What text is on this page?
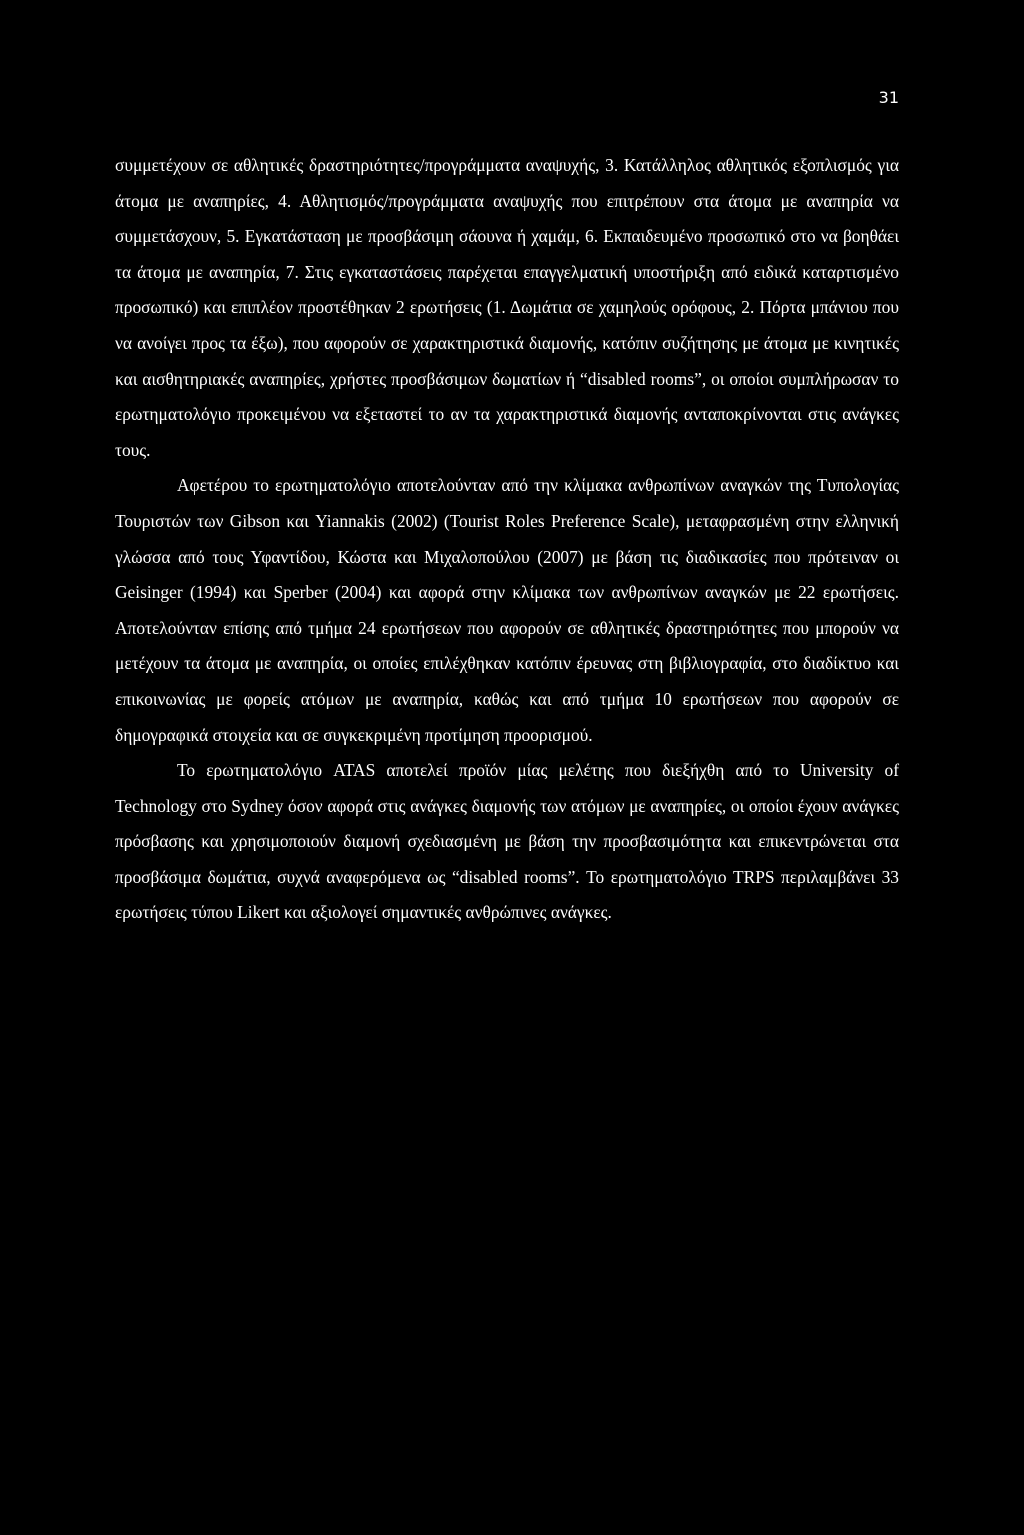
31

συμμετέχουν σε αθλητικές δραστηριότητες/προγράμματα αναψυχής, 3. Κατάλληλος αθλητικός εξοπλισμός για άτομα με αναπηρίες, 4. Αθλητισμός/προγράμματα αναψυχής που επιτρέπουν στα άτομα με αναπηρία να συμμετάσχουν, 5. Εγκατάσταση με προσβάσιμη σάουνα ή χαμάμ, 6. Εκπαιδευμένο προσωπικό στο να βοηθάει τα άτομα με αναπηρία, 7. Στις εγκαταστάσεις παρέχεται επαγγελματική υποστήριξη από ειδικά καταρτισμένο προσωπικό) και επιπλέον προστέθηκαν 2 ερωτήσεις (1. Δωμάτια σε χαμηλούς ορόφους, 2. Πόρτα μπάνιου που να ανοίγει προς τα έξω), που αφορούν σε χαρακτηριστικά διαμονής, κατόπιν συζήτησης με άτομα με κινητικές και αισθητηριακές αναπηρίες, χρήστες προσβάσιμων δωματίων ή “disabled rooms”, οι οποίοι συμπλήρωσαν το ερωτηματολόγιο προκειμένου να εξεταστεί το αν τα χαρακτηριστικά διαμονής ανταποκρίνονται στις ανάγκες τους.

Αφετέρου το ερωτηματολόγιο αποτελούνταν από την κλίμακα ανθρωπίνων αναγκών της Τυπολογίας Τουριστών των Gibson και Yiannakis (2002) (Tourist Roles Preference Scale), μεταφρασμένη στην ελληνική γλώσσα από τους Υφαντίδου, Κώστα και Μιχαλοπούλου (2007) με βάση τις διαδικασίες που πρότειναν οι Geisinger (1994) και Sperber (2004) και αφορά στην κλίμακα των ανθρωπίνων αναγκών με 22 ερωτήσεις. Αποτελούνταν επίσης από τμήμα 24 ερωτήσεων που αφορούν σε αθλητικές δραστηριότητες που μπορούν να μετέχουν τα άτομα με αναπηρία, οι οποίες επιλέχθηκαν κατόπιν έρευνας στη βιβλιογραφία, στο διαδίκτυο και επικοινωνίας με φορείς ατόμων με αναπηρία, καθώς και από τμήμα 10 ερωτήσεων που αφορούν σε δημογραφικά στοιχεία και σε συγκεκριμένη προτίμηση προορισμού.

Το ερωτηματολόγιο ATAS αποτελεί προϊόν μίας μελέτης που διεξήχθη από το University of Technology στο Sydney όσον αφορά στις ανάγκες διαμονής των ατόμων με αναπηρίες, οι οποίοι έχουν ανάγκες πρόσβασης και χρησιμοποιούν διαμονή σχεδιασμένη με βάση την προσβασιμότητα και επικεντρώνεται στα προσβάσιμα δωμάτια, συχνά αναφερόμενα ως “disabled rooms”. Το ερωτηματολόγιο TRPS περιλαμβάνει 33 ερωτήσεις τύπου Likert και αξιολογεί σημαντικές ανθρώπινες ανάγκες.
